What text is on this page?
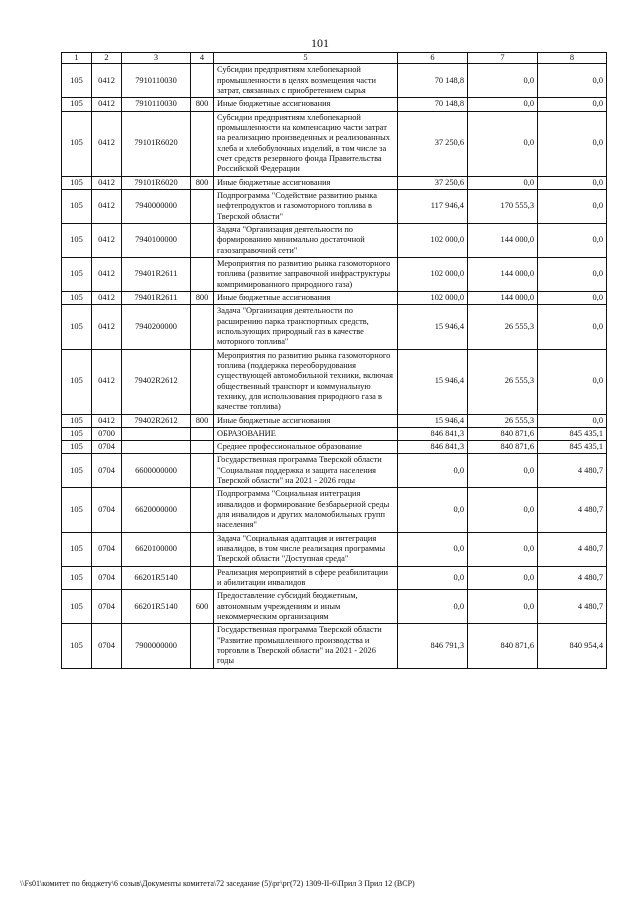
101
1	2	3	4	5	6	7	8
105	0412	7910110030		Субсидии предприятиям хлебопекарной промышленности в целях возмещения части затрат, связанных с приобретением сырья	70 148,8	0,0	0,0
105	0412	7910110030	800	Иные бюджетные ассигнования	70 148,8	0,0	0,0
105	0412	79101R6020		Субсидии предприятиям хлебопекарной промышленности на компенсацию части затрат на реализацию произведенных и реализованных хлеба и хлебобулочных изделий, в том числе за счет средств резервного фонда Правительства Российской Федерации	37 250,6	0,0	0,0
105	0412	79101R6020	800	Иные бюджетные ассигнования	37 250,6	0,0	0,0
105	0412	7940000000		Подпрограмма "Содействие развитию рынка нефтепродуктов и газомоторного топлива в Тверской области"	117 946,4	170 555,3	0,0
105	0412	7940100000		Задача "Организация деятельности по формированию минимально достаточной газозаправочной сети"	102 000,0	144 000,0	0,0
105	0412	79401R2611		Мероприятия по развитию рынка газомоторного топлива (развитие заправочной инфраструктуры компримированного природного газа)	102 000,0	144 000,0	0,0
105	0412	79401R2611	800	Иные бюджетные ассигнования	102 000,0	144 000,0	0,0
105	0412	7940200000		Задача "Организация деятельности по расширению парка транспортных средств, использующих природный газ в качестве моторного топлива"	15 946,4	26 555,3	0,0
105	0412	79402R2612		Мероприятия по развитию рынка газомоторного топлива (поддержка переоборудования существующей автомобильной техники, включая общественный транспорт и коммунальную технику, для использования природного газа в качестве топлива)	15 946,4	26 555,3	0,0
105	0412	79402R2612	800	Иные бюджетные ассигнования	15 946,4	26 555,3	0,0
105	0700			ОБРАЗОВАНИЕ	846 841,3	840 871,6	845 435,1
105	0704			Среднее профессиональное образование	846 841,3	840 871,6	845 435,1
105	0704	6600000000		Государственная программа Тверской области "Социальная поддержка и защита населения Тверской области" на 2021 - 2026 годы	0,0	0,0	4 480,7
105	0704	6620000000		Подпрограмма "Социальная интеграция инвалидов и формирование безбарьерной среды для инвалидов и других маломобильных групп населения"	0,0	0,0	4 480,7
105	0704	6620100000		Задача "Социальная адаптация и интеграция инвалидов, в том числе реализация программы Тверской области "Доступная среда"	0,0	0,0	4 480,7
105	0704	66201R5140		Реализация мероприятий в сфере реабилитации и абилитации инвалидов	0,0	0,0	4 480,7
105	0704	66201R5140	600	Предоставление субсидий бюджетным, автономным учреждениям и иным некоммерческим организациям	0,0	0,0	4 480,7
105	0704	7900000000		Государственная программа Тверской области "Развитие промышленного производства и торговли в Тверской области" на 2021 - 2026 годы	846 791,3	840 871,6	840 954,4
\\Fs01\комитет по бюджету\6 созыв\Документы комитета\72 заседание (5)\рг\рг(72) 1309-II-6\Прил 3 Прил 12 (ВСР)
